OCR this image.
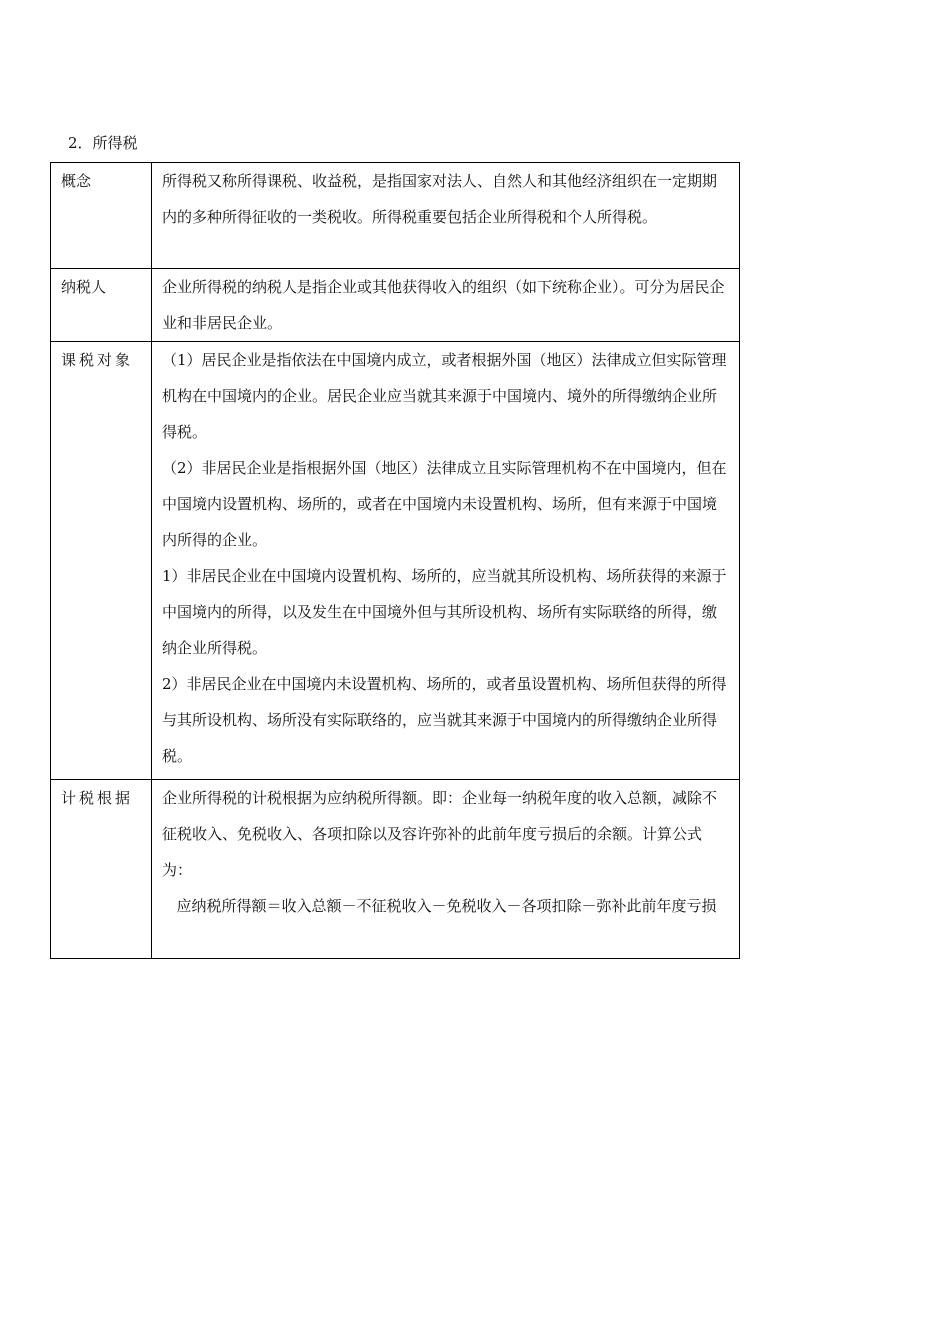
2．所得税
概念	所得税又称所得课税、收益税，是指国家对法人、自然人和其他经济组织在一定期期内的多种所得征收的一类税收。所得税重要包括企业所得税和个人所得税。

纳税人	企业所得税的纳税人是指企业或其他获得收入的组织（如下统称企业）。可分为居民企业和非居民企业。

课税对象	（1）居民企业是指依法在中国境内成立，或者根据外国（地区）法律成立但实际管理机构在中国境内的企业。居民企业应当就其来源于中国境内、境外的所得缴纳企业所得税。

（2）非居民企业是指根据外国（地区）法律成立且实际管理机构不在中国境内，但在中国境内设置机构、场所的，或者在中国境内未设置机构、场所，但有来源于中国境内所得的企业。

1）非居民企业在中国境内设置机构、场所的，应当就其所设机构、场所获得的来源于中国境内的所得，以及发生在中国境外但与其所设机构、场所有实际联络的所得，缴纳企业所得税。

2）非居民企业在中国境内未设置机构、场所的，或者虽设置机构、场所但获得的所得与其所设机构、场所没有实际联络的，应当就其来源于中国境内的所得缴纳企业所得税。

计税根据	企业所得税的计税根据为应纳税所得额。即：企业每一纳税年度的收入总额，减除不征税收入、免税收入、各项扣除以及容许弥补的此前年度亏损后的余额。计算公式为：

应纳税所得额＝收入总额－不征税收入－免税收入－各项扣除－弥补此前年度亏损
